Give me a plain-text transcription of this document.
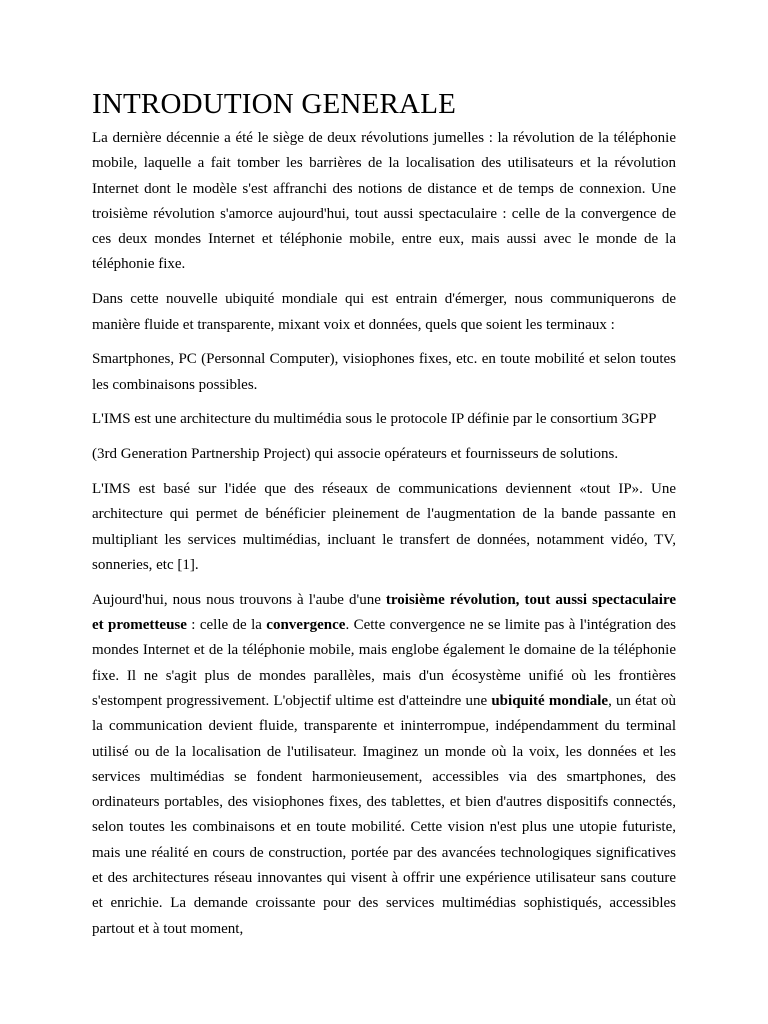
INTRODUTION GENERALE

La dernière décennie a été le siège de deux révolutions jumelles : la révolution de la téléphonie mobile, laquelle a fait tomber les barrières de la localisation des utilisateurs et la révolution Internet dont le modèle s'est affranchi des notions de distance et de temps de connexion. Une troisième révolution s'amorce aujourd'hui, tout aussi spectaculaire : celle de la convergence de ces deux mondes Internet et téléphonie mobile, entre eux, mais aussi avec le monde de la téléphonie fixe.

Dans cette nouvelle ubiquité mondiale qui est entrain d'émerger, nous communiquerons de manière fluide et transparente, mixant voix et données, quels que soient les terminaux :

Smartphones, PC (Personnal Computer), visiophones fixes, etc. en toute mobilité et selon toutes les combinaisons possibles.

L'IMS est une architecture du multimédia sous le protocole IP définie par le consortium 3GPP

(3rd Generation Partnership Project) qui associe opérateurs et fournisseurs de solutions.

L'IMS est basé sur l'idée que des réseaux de communications deviennent «tout IP». Une architecture qui permet de bénéficier pleinement de l'augmentation de la bande passante en multipliant les services multimédias, incluant le transfert de données, notamment vidéo, TV, sonneries, etc [1].

Aujourd'hui, nous nous trouvons à l'aube d'une troisième révolution, tout aussi spectaculaire et prometteuse : celle de la convergence. Cette convergence ne se limite pas à l'intégration des mondes Internet et de la téléphonie mobile, mais englobe également le domaine de la téléphonie fixe. Il ne s'agit plus de mondes parallèles, mais d'un écosystème unifié où les frontières s'estompent progressivement. L'objectif ultime est d'atteindre une ubiquité mondiale, un état où la communication devient fluide, transparente et ininterrompue, indépendamment du terminal utilisé ou de la localisation de l'utilisateur. Imaginez un monde où la voix, les données et les services multimédias se fondent harmonieusement, accessibles via des smartphones, des ordinateurs portables, des visiophones fixes, des tablettes, et bien d'autres dispositifs connectés, selon toutes les combinaisons et en toute mobilité. Cette vision n'est plus une utopie futuriste, mais une réalité en cours de construction, portée par des avancées technologiques significatives et des architectures réseau innovantes qui visent à offrir une expérience utilisateur sans couture et enrichie. La demande croissante pour des services multimédias sophistiqués, accessibles partout et à tout moment,
